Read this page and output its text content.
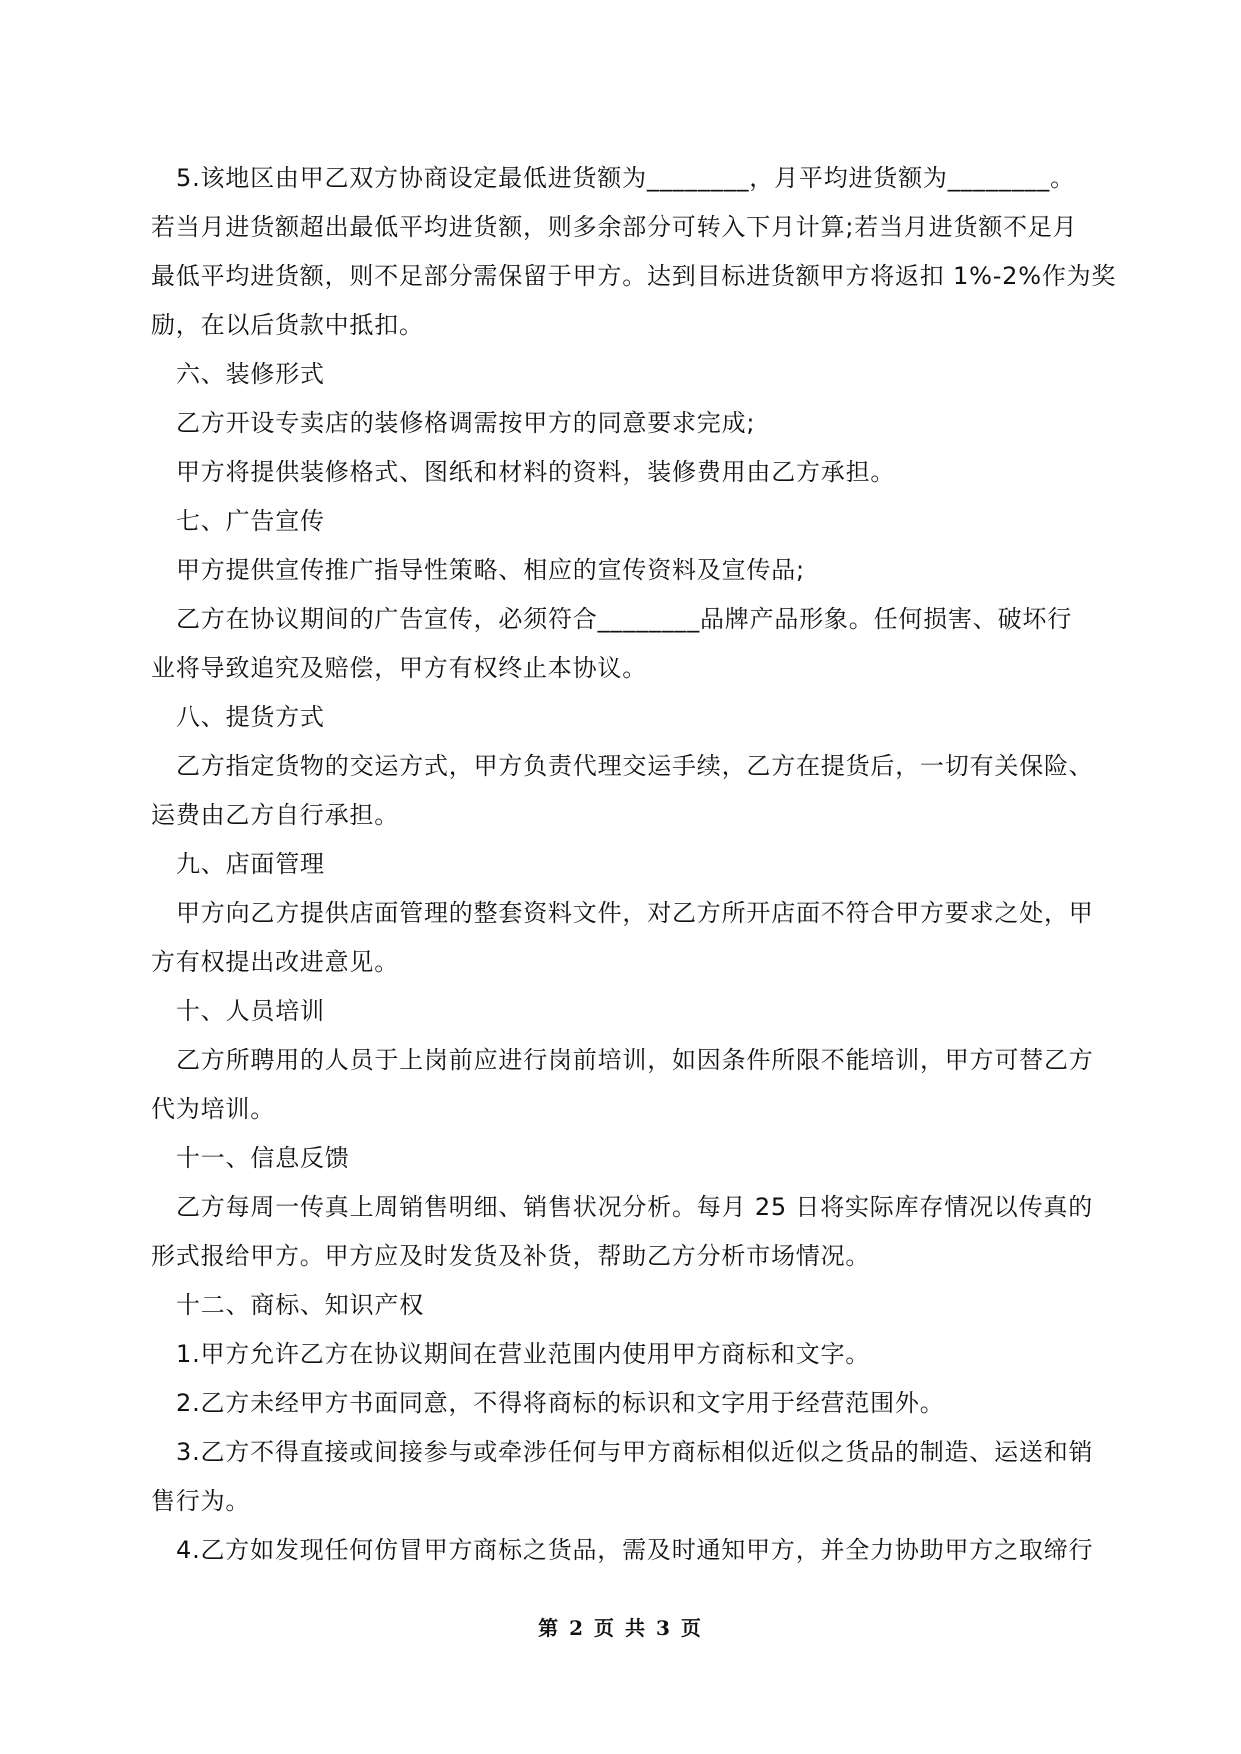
5.该地区由甲乙双方协商设定最低进货额为________，月平均进货额为________。
若当月进货额超出最低平均进货额，则多余部分可转入下月计算;若当月进货额不足月
最低平均进货额，则不足部分需保留于甲方。达到目标进货额甲方将返扣 1%-2%作为奖
励，在以后货款中抵扣。
六、装修形式
乙方开设专卖店的装修格调需按甲方的同意要求完成;
甲方将提供装修格式、图纸和材料的资料，装修费用由乙方承担。
七、广告宣传
甲方提供宣传推广指导性策略、相应的宣传资料及宣传品;
乙方在协议期间的广告宣传，必须符合________品牌产品形象。任何损害、破坏行
业将导致追究及赔偿，甲方有权终止本协议。
八、提货方式
乙方指定货物的交运方式，甲方负责代理交运手续，乙方在提货后，一切有关保险、
运费由乙方自行承担。
九、店面管理
甲方向乙方提供店面管理的整套资料文件，对乙方所开店面不符合甲方要求之处，甲
方有权提出改进意见。
十、人员培训
乙方所聘用的人员于上岗前应进行岗前培训，如因条件所限不能培训，甲方可替乙方
代为培训。
十一、信息反馈
乙方每周一传真上周销售明细、销售状况分析。每月 25 日将实际库存情况以传真的
形式报给甲方。甲方应及时发货及补货，帮助乙方分析市场情况。
十二、商标、知识产权
1.甲方允许乙方在协议期间在营业范围内使用甲方商标和文字。
2.乙方未经甲方书面同意，不得将商标的标识和文字用于经营范围外。
3.乙方不得直接或间接参与或牵涉任何与甲方商标相似近似之货品的制造、运送和销
售行为。
4.乙方如发现任何仿冒甲方商标之货品，需及时通知甲方，并全力协助甲方之取缔行
第 2 页 共 3 页
